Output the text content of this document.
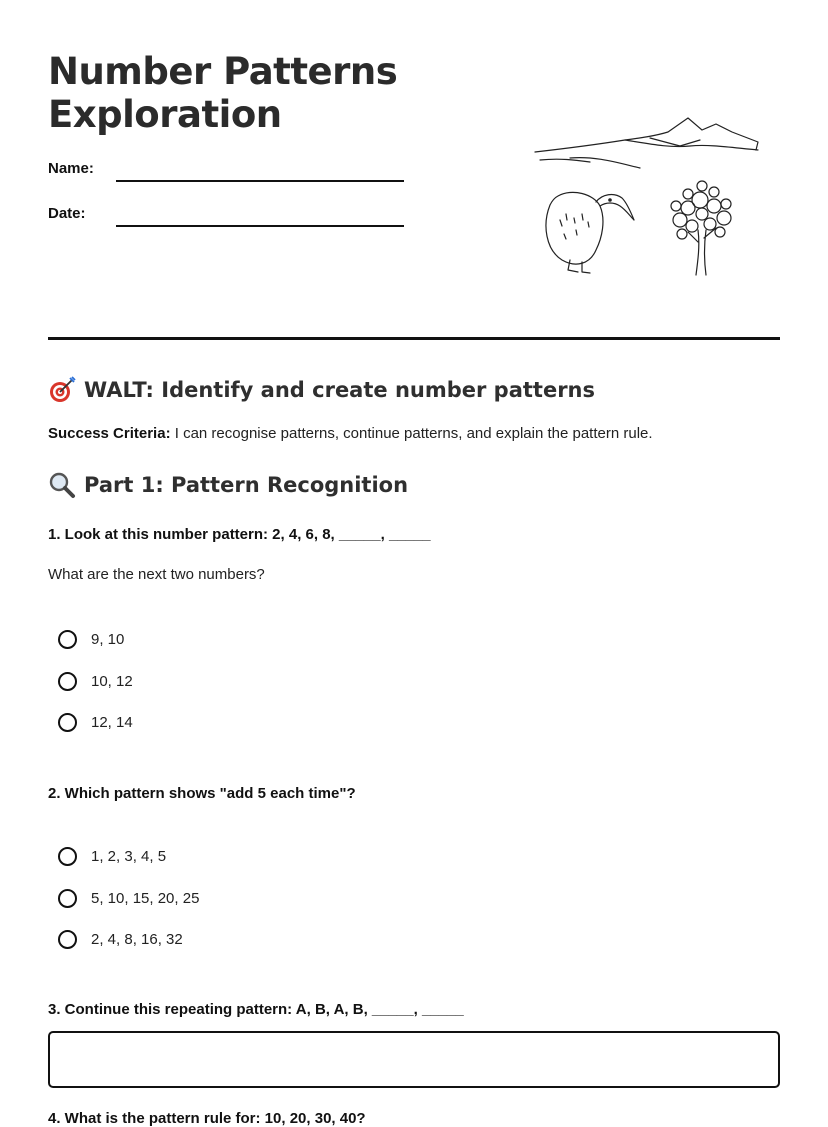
Number Patterns
Exploration
Name:
Date:
WALT: Identify and create number patterns
Success Criteria: I can recognise patterns, continue patterns, and explain the pattern rule.
Part 1: Pattern Recognition
1. Look at this number pattern: 2, 4, 6, 8, _____, _____
What are the next two numbers?
9, 10
10, 12
12, 14
2. Which pattern shows "add 5 each time"?
1, 2, 3, 4, 5
5, 10, 15, 20, 25
2, 4, 8, 16, 32
3. Continue this repeating pattern: A, B, A, B, _____, _____
4. What is the pattern rule for: 10, 20, 30, 40?
